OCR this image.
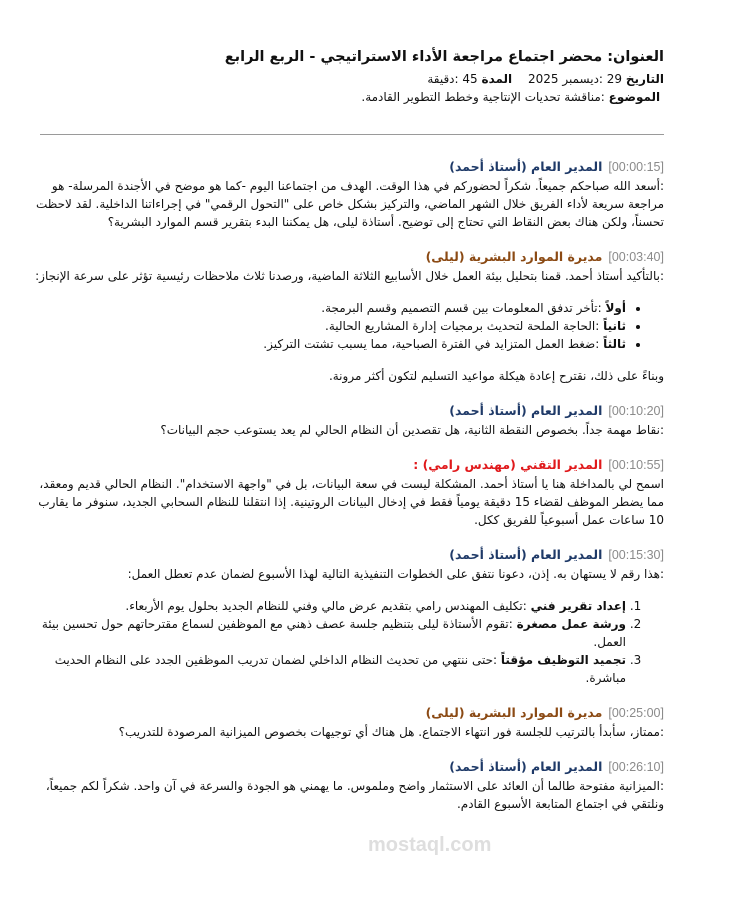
العنوان: محضر اجتماع مراجعة الأداء الاستراتيجي - الربع الرابع
التاريخ 29 :ديسمبر 2025 المدة 45 :دقيقة
الموضوع :مناقشة تحديات الإنتاجية وخطط التطوير القادمة.
[00:00:15]المدير العام (أستاذ أحمد)

:أسعد الله صباحكم جميعاً. شكراً لحضوركم في هذا الوقت. الهدف من اجتماعنا اليوم -كما هو موضح في الأجندة المرسلة- هو مراجعة سريعة لأداء الفريق خلال الشهر الماضي، والتركيز بشكل خاص على "التحول الرقمي" في إجراءاتنا الداخلية. لقد لاحظت تحسناً، ولكن هناك بعض النقاط التي تحتاج إلى توضيح. أستاذة ليلى، هل يمكننا البدء بتقرير قسم الموارد البشرية؟

[00:03:40]مديرة الموارد البشرية (ليلى)

:بالتأكيد أستاذ أحمد. قمنا بتحليل بيئة العمل خلال الأسابيع الثلاثة الماضية، ورصدنا ثلاث ملاحظات رئيسية تؤثر على سرعة الإنجاز:

• أولاً :تأخر تدفق المعلومات بين قسم التصميم وقسم البرمجة.
• ثانياً :الحاجة الملحة لتحديث برمجيات إدارة المشاريع الحالية.
• ثالثاً :ضغط العمل المتزايد في الفترة الصباحية، مما يسبب تشتت التركيز.

وبناءً على ذلك، نقترح إعادة هيكلة مواعيد التسليم لتكون أكثر مرونة.

[00:10:20]المدير العام (أستاذ أحمد)

:نقاط مهمة جداً. بخصوص النقطة الثانية، هل تقصدين أن النظام الحالي لم يعد يستوعب حجم البيانات؟

[00:10:55]المدير التقني (مهندس رامي) :

اسمح لي بالمداخلة هنا يا أستاذ أحمد. المشكلة ليست في سعة البيانات، بل في "واجهة الاستخدام". النظام الحالي قديم ومعقد، مما يضطر الموظف لقضاء 15 دقيقة يومياً فقط في إدخال البيانات الروتينية. إذا انتقلنا للنظام السحابي الجديد، سنوفر ما يقارب 10 ساعات عمل أسبوعياً للفريق ككل.

[00:15:30]المدير العام (أستاذ أحمد)

:هذا رقم لا يستهان به. إذن، دعونا نتفق على الخطوات التنفيذية التالية لهذا الأسبوع لضمان عدم تعطل العمل:

1. إعداد تقرير فني :تكليف المهندس رامي بتقديم عرض مالي وفني للنظام الجديد بحلول يوم الأربعاء.
2. ورشة عمل مصغرة :تقوم الأستاذة ليلى بتنظيم جلسة عصف ذهني مع الموظفين لسماع مقترحاتهم حول تحسين بيئة العمل.
3. تجميد التوظيف مؤقتاً :حتى ننتهي من تحديث النظام الداخلي لضمان تدريب الموظفين الجدد على النظام الحديث مباشرة.
[00:25:00]مديرة الموارد البشرية (ليلى)

:ممتاز، سأبدأ بالترتيب للجلسة فور انتهاء الاجتماع. هل هناك أي توجيهات بخصوص الميزانية المرصودة للتدريب؟

[00:26:10]المدير العام (أستاذ أحمد)

:الميزانية مفتوحة طالما أن العائد على الاستثمار واضح وملموس. ما يهمني هو الجودة والسرعة في آن واحد. شكراً لكم جميعاً، ونلتقي في اجتماع المتابعة الأسبوع القادم.

mostaql.com
